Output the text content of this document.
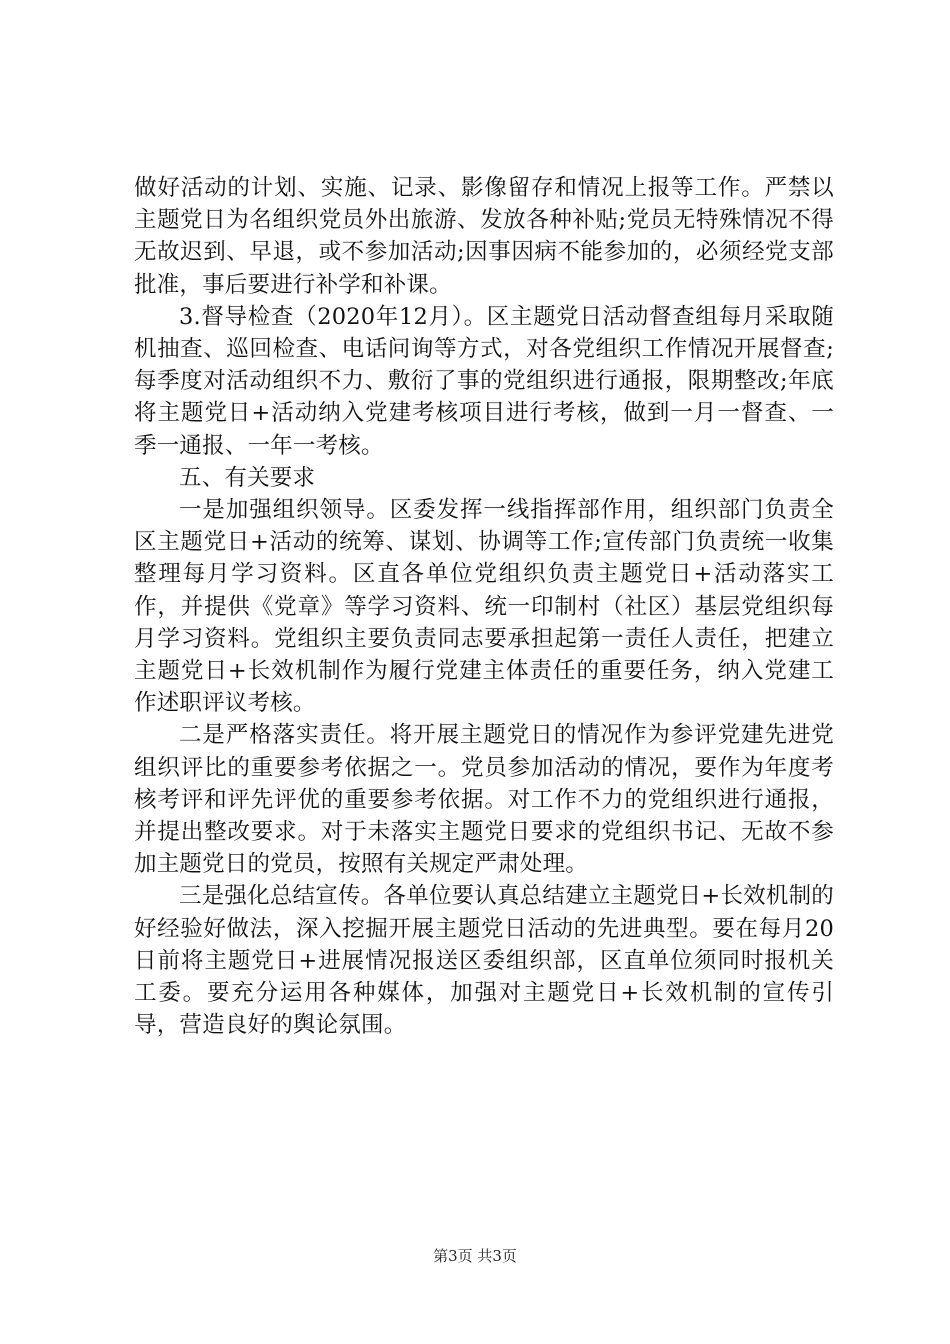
做好活动的计划、实施、记录、影像留存和情况上报等工作。严禁以主题党日为名组织党员外出旅游、发放各种补贴;党员无特殊情况不得无故迟到、早退，或不参加活动;因事因病不能参加的，必须经党支部批准，事后要进行补学和补课。

3.督导检查（2020年12月）。区主题党日活动督查组每月采取随机抽查、巡回检查、电话问询等方式，对各党组织工作情况开展督查;每季度对活动组织不力、敷衍了事的党组织进行通报，限期整改;年底将主题党日+活动纳入党建考核项目进行考核，做到一月一督查、一季一通报、一年一考核。

五、有关要求

一是加强组织领导。区委发挥一线指挥部作用，组织部门负责全区主题党日+活动的统筹、谋划、协调等工作;宣传部门负责统一收集整理每月学习资料。区直各单位党组织负责主题党日+活动落实工作，并提供《党章》等学习资料、统一印制村（社区）基层党组织每月学习资料。党组织主要负责同志要承担起第一责任人责任，把建立主题党日+长效机制作为履行党建主体责任的重要任务，纳入党建工作述职评议考核。

二是严格落实责任。将开展主题党日的情况作为参评党建先进党组织评比的重要参考依据之一。党员参加活动的情况，要作为年度考核考评和评先评优的重要参考依据。对工作不力的党组织进行通报，并提出整改要求。对于未落实主题党日要求的党组织书记、无故不参加主题党日的党员，按照有关规定严肃处理。

三是强化总结宣传。各单位要认真总结建立主题党日+长效机制的好经验好做法，深入挖掘开展主题党日活动的先进典型。要在每月20日前将主题党日+进展情况报送区委组织部，区直单位须同时报机关工委。要充分运用各种媒体，加强对主题党日+长效机制的宣传引导，营造良好的舆论氛围。

第3页 共3页
